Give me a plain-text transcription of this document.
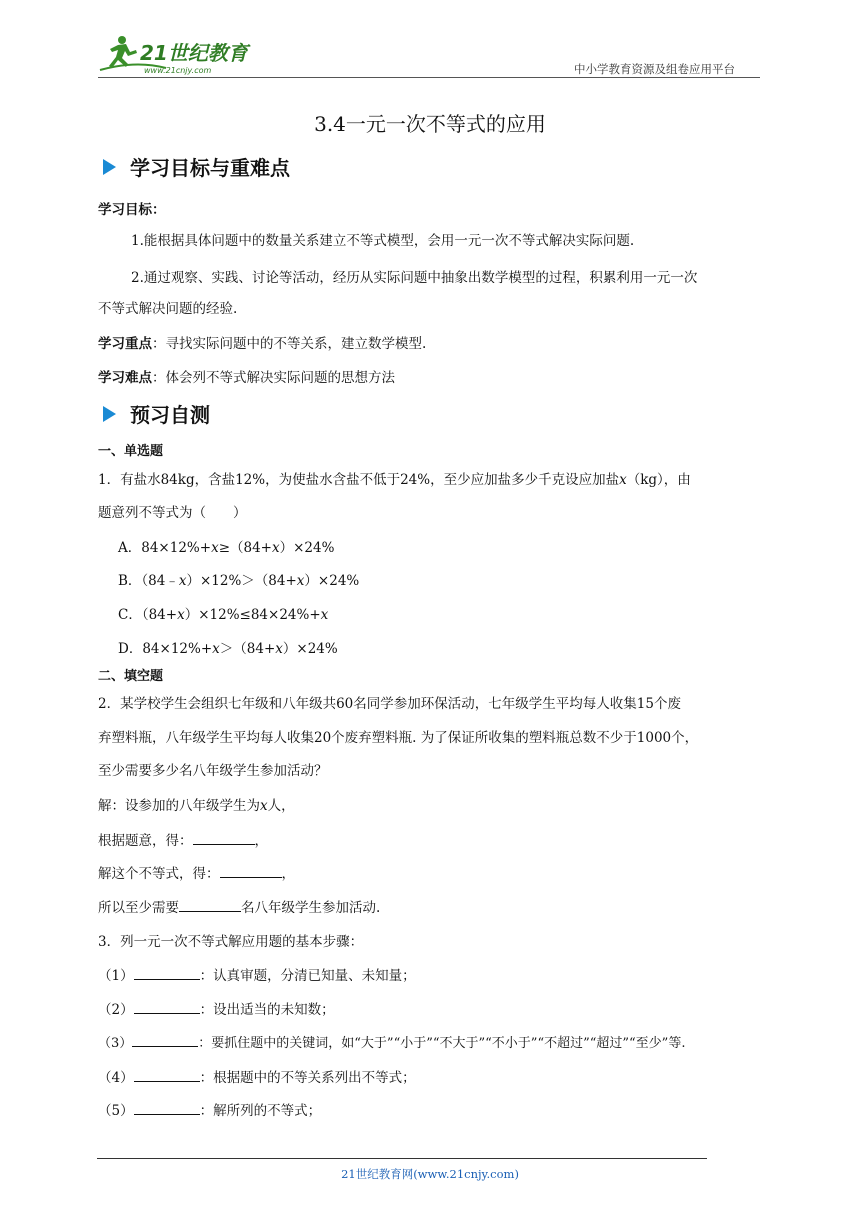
21世纪教育
www.21cnjy.com	中小学教育资源及组卷应用平台
3.4一元一次不等式的应用
学习目标与重难点
学习目标：
1.能根据具体问题中的数量关系建立不等式模型，会用一元一次不等式解决实际问题.
2.通过观察、实践、讨论等活动，经历从实际问题中抽象出数学模型的过程，积累利用一元一次
不等式解决问题的经验.
学习重点：寻找实际问题中的不等关系，建立数学模型.
学习难点：体会列不等式解决实际问题的思想方法
预习自测
一、单选题
1．有盐水84kg，含盐12%，为使盐水含盐不低于24%，至少应加盐多少千克设应加盐x（kg），由
题意列不等式为（　　）
A．84×12%+x≥（84+x）×24%
B．（84﹣x）×12%＞（84+x）×24%
C．（84+x）×12%≤84×24%+x
D．84×12%+x＞（84+x）×24%
二、填空题
2．某学校学生会组织七年级和八年级共60名同学参加环保活动，七年级学生平均每人收集15个废
弃塑料瓶，八年级学生平均每人收集20个废弃塑料瓶. 为了保证所收集的塑料瓶总数不少于1000个，
至少需要多少名八年级学生参加活动？
解：设参加的八年级学生为x人，
根据题意，得：	，
解这个不等式，得：	，
所以至少需要	名八年级学生参加活动.
3．列一元一次不等式解应用题的基本步骤：
（1）	：认真审题，分清已知量、未知量；
（2）	：设出适当的未知数；
（3）	：要抓住题中的关键词，如“大于”“小于”“不大于”“不小于”“不超过”“超过”“至少”等.
（4）	：根据题中的不等关系列出不等式；
（5）	：解所列的不等式；
21世纪教育网(www.21cnjy.com)
